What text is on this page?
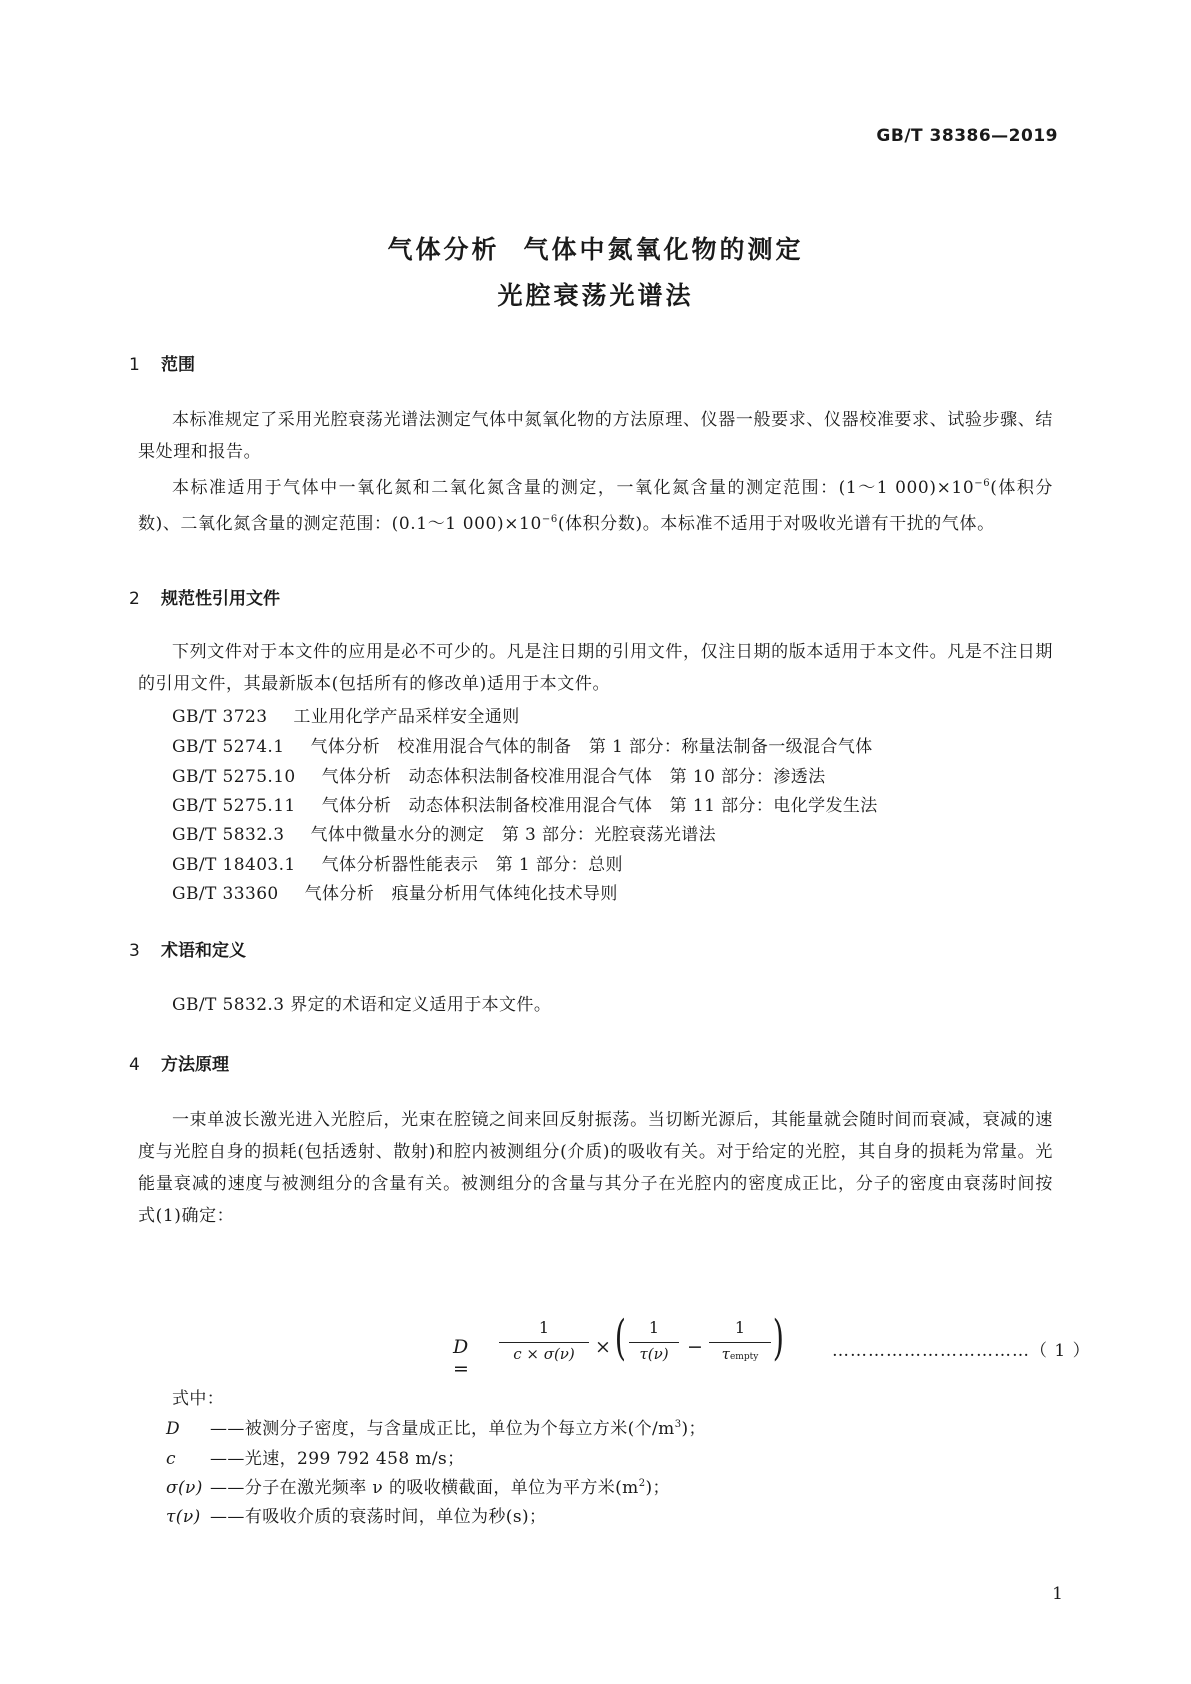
GB/T 38386—2019
气体分析 气体中氮氧化物的测定
光腔衰荡光谱法
1 范围

本标准规定了采用光腔衰荡光谱法测定气体中氮氧化物的方法原理、仪器一般要求、仪器校准要求、试验步骤、结果处理和报告。

本标准适用于气体中一氧化氮和二氧化氮含量的测定，一氧化氮含量的测定范围：(1～1 $000)\times 10^{-6}$(体积分数)、二氧化氮含量的测定范围：(0.1～1 $000)\times 10^{-6}$(体积分数)。本标准不适用于对吸收光谱有干扰的气体。

2 规范性引用文件

下列文件对于本文件的应用是必不可少的。凡是注日期的引用文件，仅注日期的版本适用于本文件。凡是不注日期的引用文件，其最新版本(包括所有的修改单)适用于本文件。

GB/T 3723 工业用化学产品采样安全通则
GB/T 5274.1 气体分析　校准用混合气体的制备　第 1 部分：称量法制备一级混合气体
GB/T 5275.10 气体分析　动态体积法制备校准用混合气体　第 10 部分：渗透法
GB/T 5275.11 气体分析　动态体积法制备校准用混合气体　第 11 部分：电化学发生法
GB/T 5832.3 气体中微量水分的测定　第 3 部分：光腔衰荡光谱法
GB/T 18403.1 气体分析器性能表示　第 1 部分：总则
GB/T 33360 气体分析　痕量分析用气体纯化技术导则
3 术语和定义
GB/T 5832.3 界定的术语和定义适用于本文件。
4 方法原理

一束单波长激光进入光腔后，光束在腔镜之间来回反射振荡。当切断光源后，其能量就会随时间而衰减，衰减的速度与光腔自身的损耗(包括透射、散射)和腔内被测组分(介质)的吸收有关。对于给定的光腔，其自身的损耗为常量。光能量衰减的速度与被测组分的含量有关。被测组分的含量与其分子在光腔内的密度成正比，分子的密度由衰荡时间按式(1)确定：

D =
1
c × σ(ν)	× (	1
τ(ν) −
1
τempty )	……………………………（ 1 ）
式中：
D ——被测分子密度，与含量成正比，单位为个每立方米(个$/m^3$)；
c ——光速，299 792 458 m/s；
σ(ν) ——分子在激光频率 ν 的吸收横截面，单位为平方米$(m^2)$；
τ(ν) ——有吸收介质的衰荡时间，单位为秒(s)；
1
